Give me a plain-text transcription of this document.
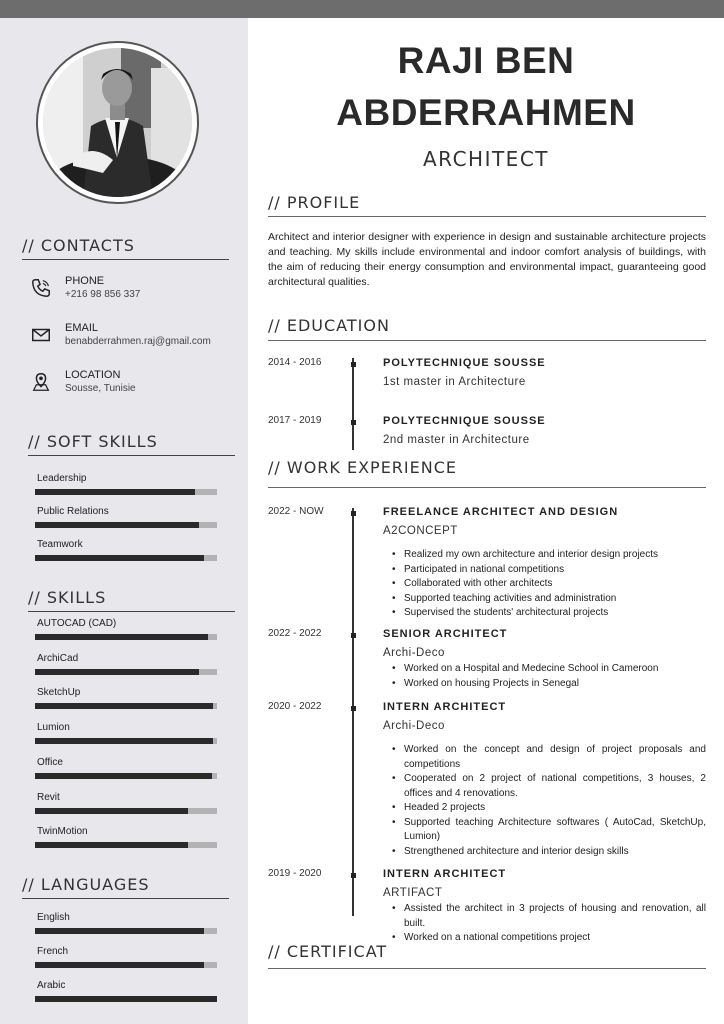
// CONTACTS
PHONE
+216 98 856 337
EMAIL
benabderrahmen.raj@gmail.com
LOCATION
Sousse, Tunisie
// SOFT SKILLS
Leadership
Public Relations
Teamwork
// SKILLS
AUTOCAD (CAD)
ArchiCad
SketchUp
Lumion
Office
Revit
TwinMotion
// LANGUAGES
English
French
Arabic
RAJI BEN
ABDERRAHMEN
ARCHITECT
// PROFILE
Architect and interior designer with experience in design and sustainable architecture projects and teaching. My skills include environmental and indoor comfort analysis of buildings, with the aim of reducing their energy consumption and environmental impact, guaranteeing good architectural qualities.
// EDUCATION
2014 - 2016	POLYTECHNIQUE SOUSSE
1st master in Architecture
2017 - 2019	POLYTECHNIQUE SOUSSE
2nd master in Architecture
// WORK EXPERIENCE
2022 - NOW	FREELANCE ARCHITECT AND DESIGN
A2CONCEPT
• Realized my own architecture and interior design projects
• Participated in national competitions
• Collaborated with other architects
• Supported teaching activities and administration
• Supervised the students' architectural projects
2022 - 2022	SENIOR ARCHITECT
Archi-Deco
• Worked on a Hospital and Medecine School in Cameroon
• Worked on housing Projects in Senegal
2020 - 2022	INTERN ARCHITECT
Archi-Deco
• Worked on the concept and design of project proposals and competitions
• Cooperated on 2 project of national competitions, 3 houses, 2 offices and 4 renovations.
• Headed 2 projects
• Supported teaching Architecture softwares ( AutoCad, SketchUp, Lumion)
• Strengthened architecture and interior design skills
2019 - 2020	INTERN ARCHITECT
ARTIFACT
• Assisted the architect in 3 projects of housing and renovation, all built.
• Worked on a national competitions project
// CERTIFICAT
